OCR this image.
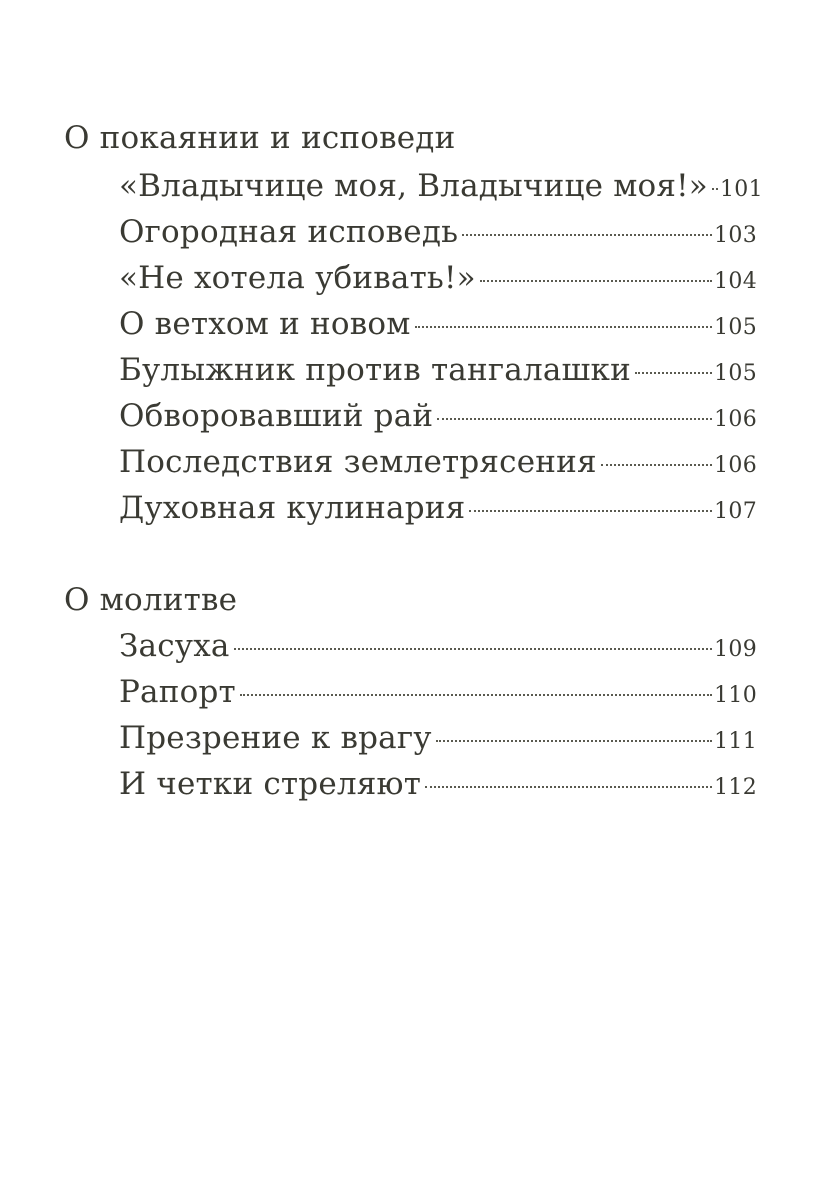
О покаянии и исповеди
«Владычице моя, Владычице моя!» 101
Огородная исповедь	103
«Не хотела убивать!»	104
О ветхом и новом	105
Булыжник против тангалашки	105
Обворовавший рай	106
Последствия землетрясения	106
Духовная кулинария	107
О молитве
Засуха	109
Рапорт	110
Презрение к врагу	111
И четки стреляют	112
